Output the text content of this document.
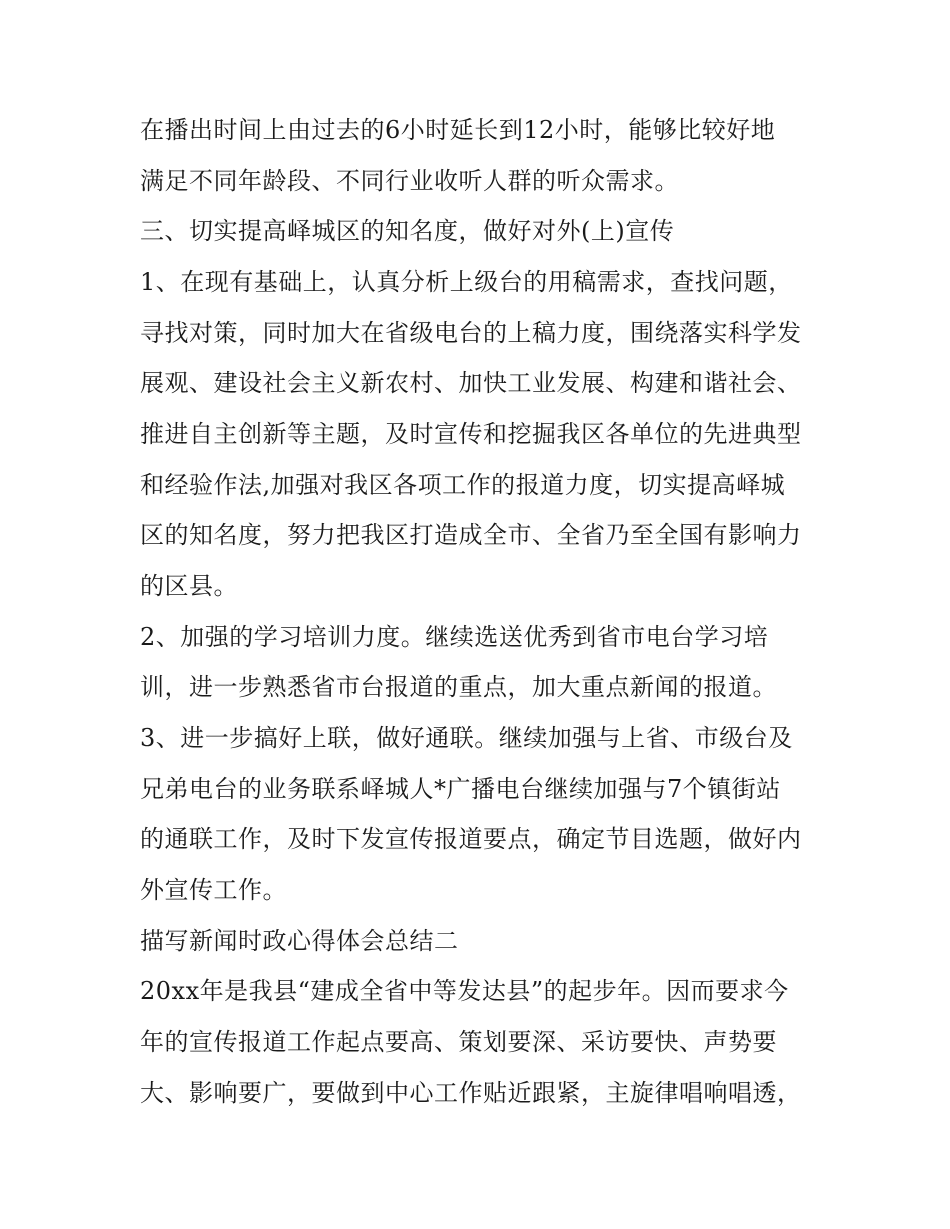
在播出时间上由过去的6小时延长到12小时，能够比较好地

满足不同年龄段、不同行业收听人群的听众需求。

三、切实提高峄城区的知名度，做好对外(上)宣传

1、在现有基础上，认真分析上级台的用稿需求，查找问题，

寻找对策，同时加大在省级电台的上稿力度，围绕落实科学发

展观、建设社会主义新农村、加快工业发展、构建和谐社会、

推进自主创新等主题，及时宣传和挖掘我区各单位的先进典型

和经验作法,加强对我区各项工作的报道力度，切实提高峄城

区的知名度，努力把我区打造成全市、全省乃至全国有影响力

的区县。

2、加强的学习培训力度。继续选送优秀到省市电台学习培

训，进一步熟悉省市台报道的重点，加大重点新闻的报道。

3、进一步搞好上联，做好通联。继续加强与上省、市级台及

兄弟电台的业务联系峄城人*广播电台继续加强与7个镇街站

的通联工作，及时下发宣传报道要点，确定节目选题，做好内

外宣传工作。

描写新闻时政心得体会总结二

20xx年是我县“建成全省中等发达县”的起步年。因而要求今

年的宣传报道工作起点要高、策划要深、采访要快、声势要

大、影响要广，要做到中心工作贴近跟紧，主旋律唱响唱透，
